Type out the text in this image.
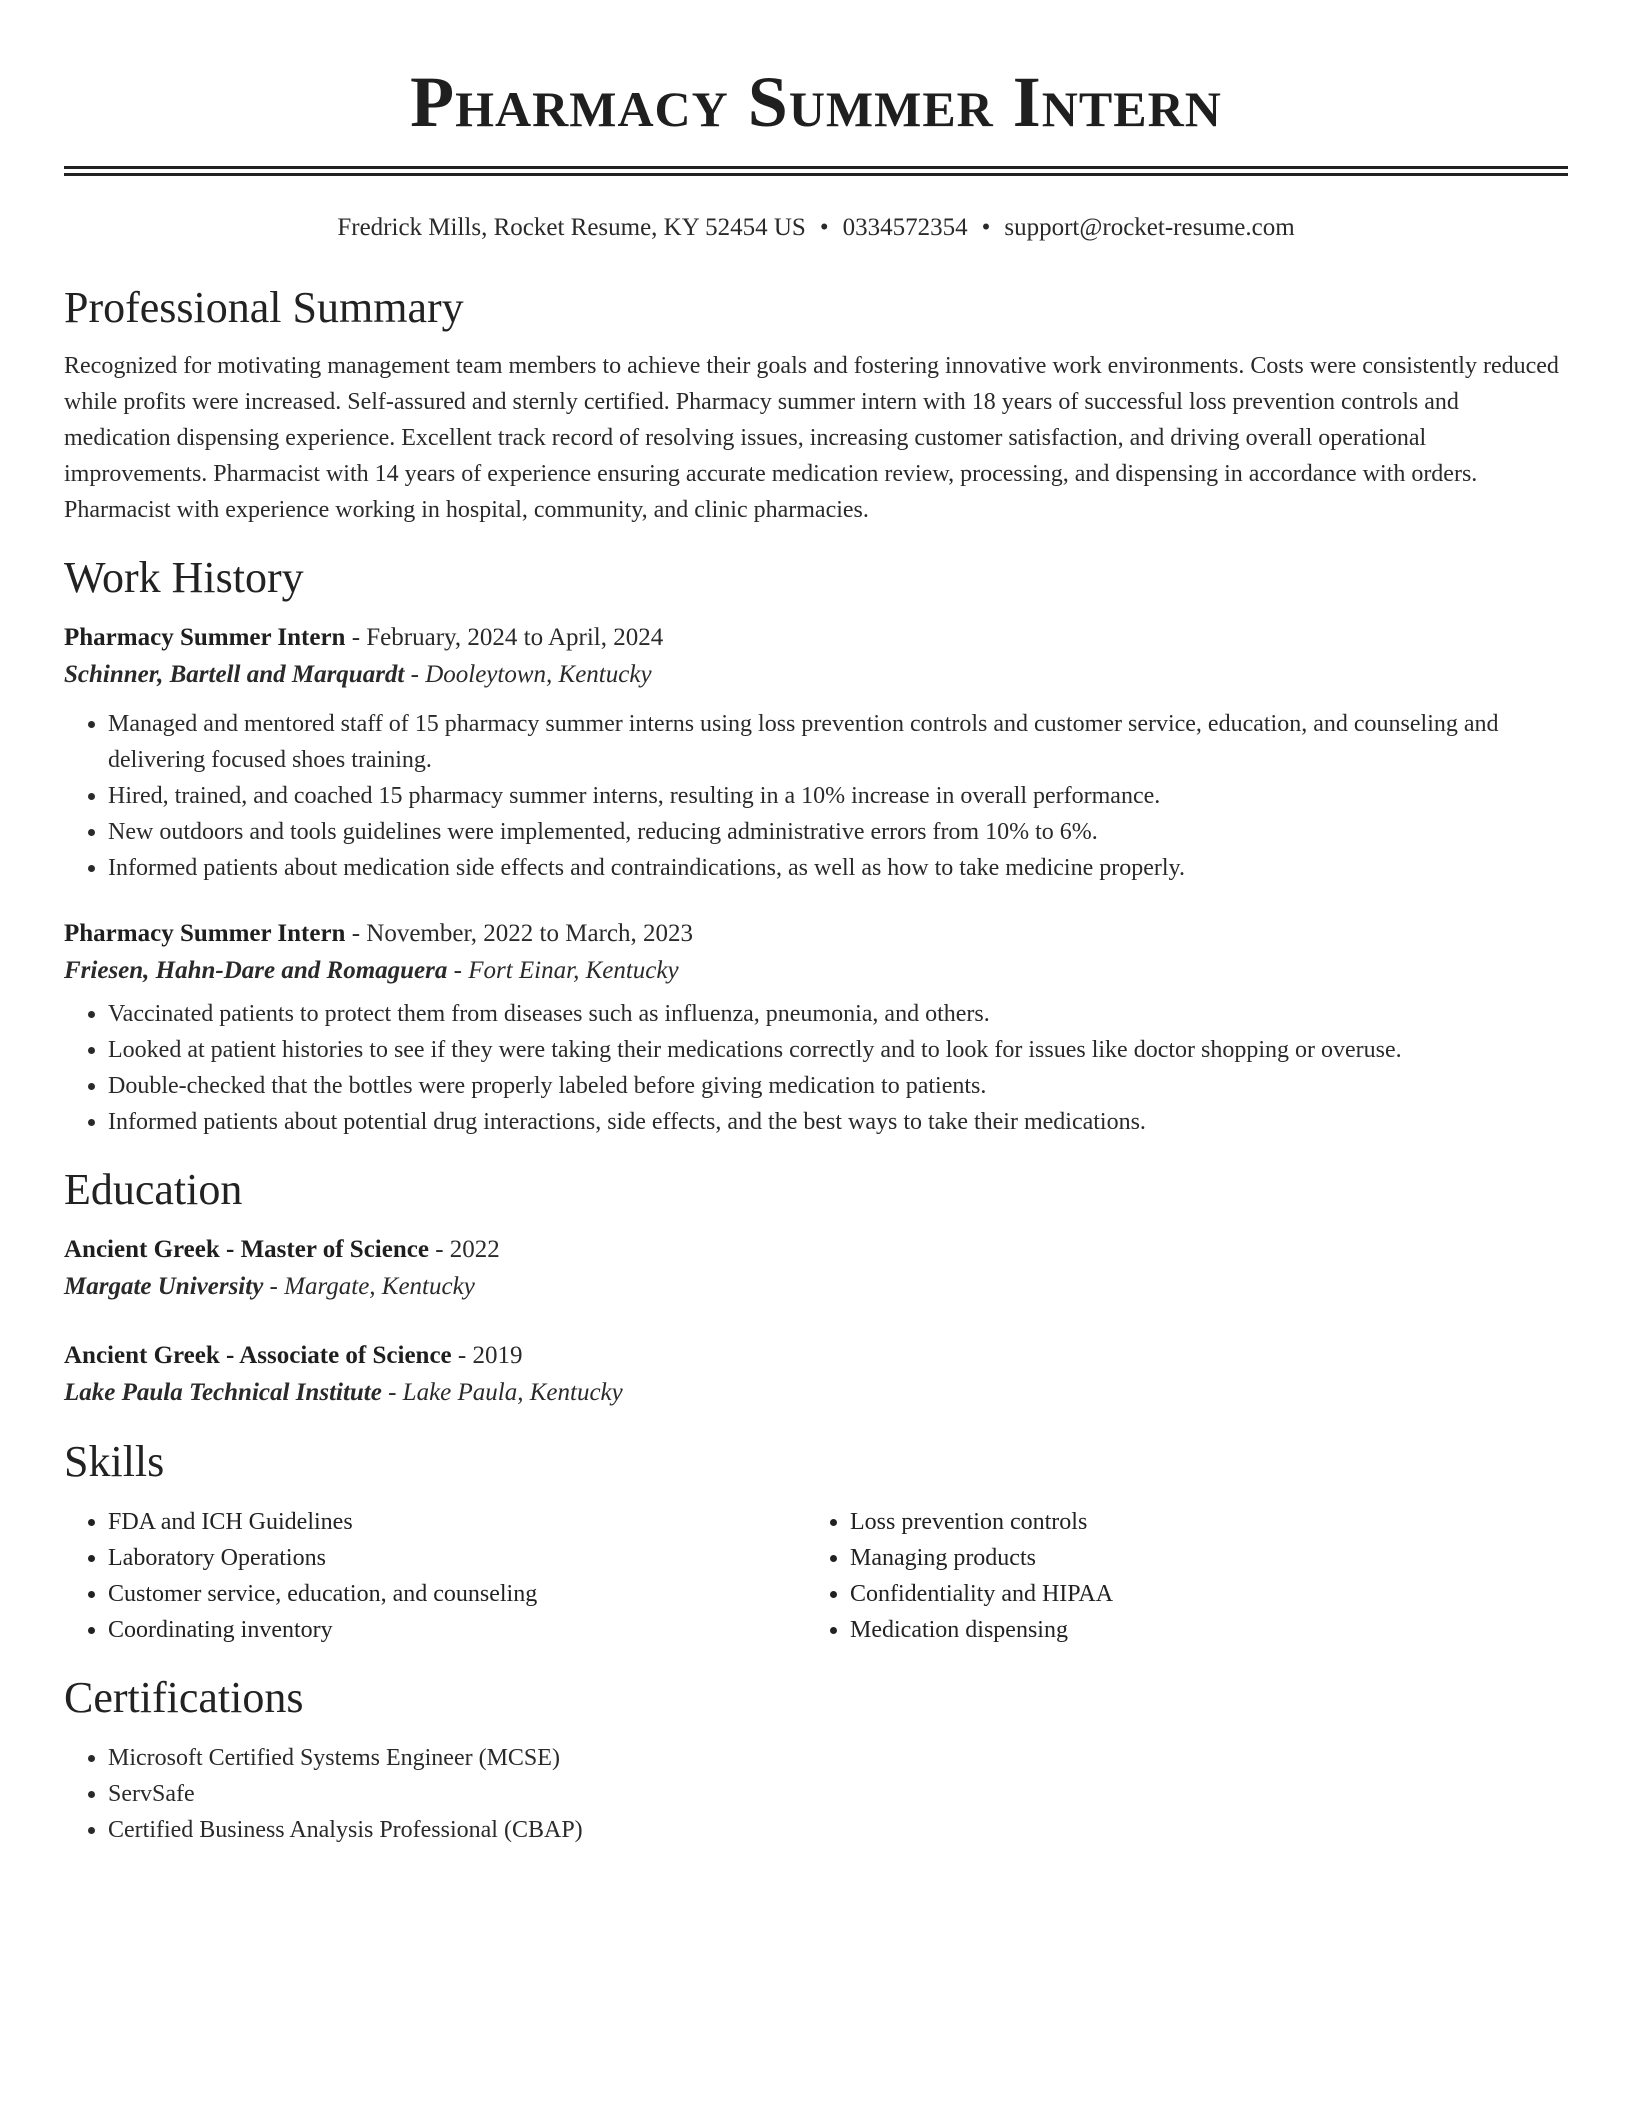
Pharmacy Summer Intern
Fredrick Mills, Rocket Resume, KY 52454 US • 0334572354 • support@rocket-resume.com
Professional Summary

Recognized for motivating management team members to achieve their goals and fostering innovative work environments. Costs were consistently reduced while profits were increased. Self-assured and sternly certified. Pharmacy summer intern with 18 years of successful loss prevention controls and medication dispensing experience. Excellent track record of resolving issues, increasing customer satisfaction, and driving overall operational improvements. Pharmacist with 14 years of experience ensuring accurate medication review, processing, and dispensing in accordance with orders. Pharmacist with experience working in hospital, community, and clinic pharmacies.

Work History
Pharmacy Summer Intern - February, 2024 to April, 2024
Schinner, Bartell and Marquardt - Dooleytown, Kentucky
• Managed and mentored staff of 15 pharmacy summer interns using loss prevention controls and customer service, education, and counseling and delivering focused shoes training.
• Hired, trained, and coached 15 pharmacy summer interns, resulting in a 10% increase in overall performance.
• New outdoors and tools guidelines were implemented, reducing administrative errors from 10% to 6%.
• Informed patients about medication side effects and contraindications, as well as how to take medicine properly.
Pharmacy Summer Intern - November, 2022 to March, 2023
Friesen, Hahn-Dare and Romaguera - Fort Einar, Kentucky
• Vaccinated patients to protect them from diseases such as influenza, pneumonia, and others.
• Looked at patient histories to see if they were taking their medications correctly and to look for issues like doctor shopping or overuse.
• Double-checked that the bottles were properly labeled before giving medication to patients.
• Informed patients about potential drug interactions, side effects, and the best ways to take their medications.
Education
Ancient Greek - Master of Science - 2022
Margate University - Margate, Kentucky
Ancient Greek - Associate of Science - 2019
Lake Paula Technical Institute - Lake Paula, Kentucky
Skills
• FDA and ICH Guidelines
• Laboratory Operations
• Customer service, education, and counseling
• Coordinating inventory
• Loss prevention controls
• Managing products
• Confidentiality and HIPAA
• Medication dispensing
Certifications
• Microsoft Certified Systems Engineer (MCSE)
• ServSafe
• Certified Business Analysis Professional (CBAP)
